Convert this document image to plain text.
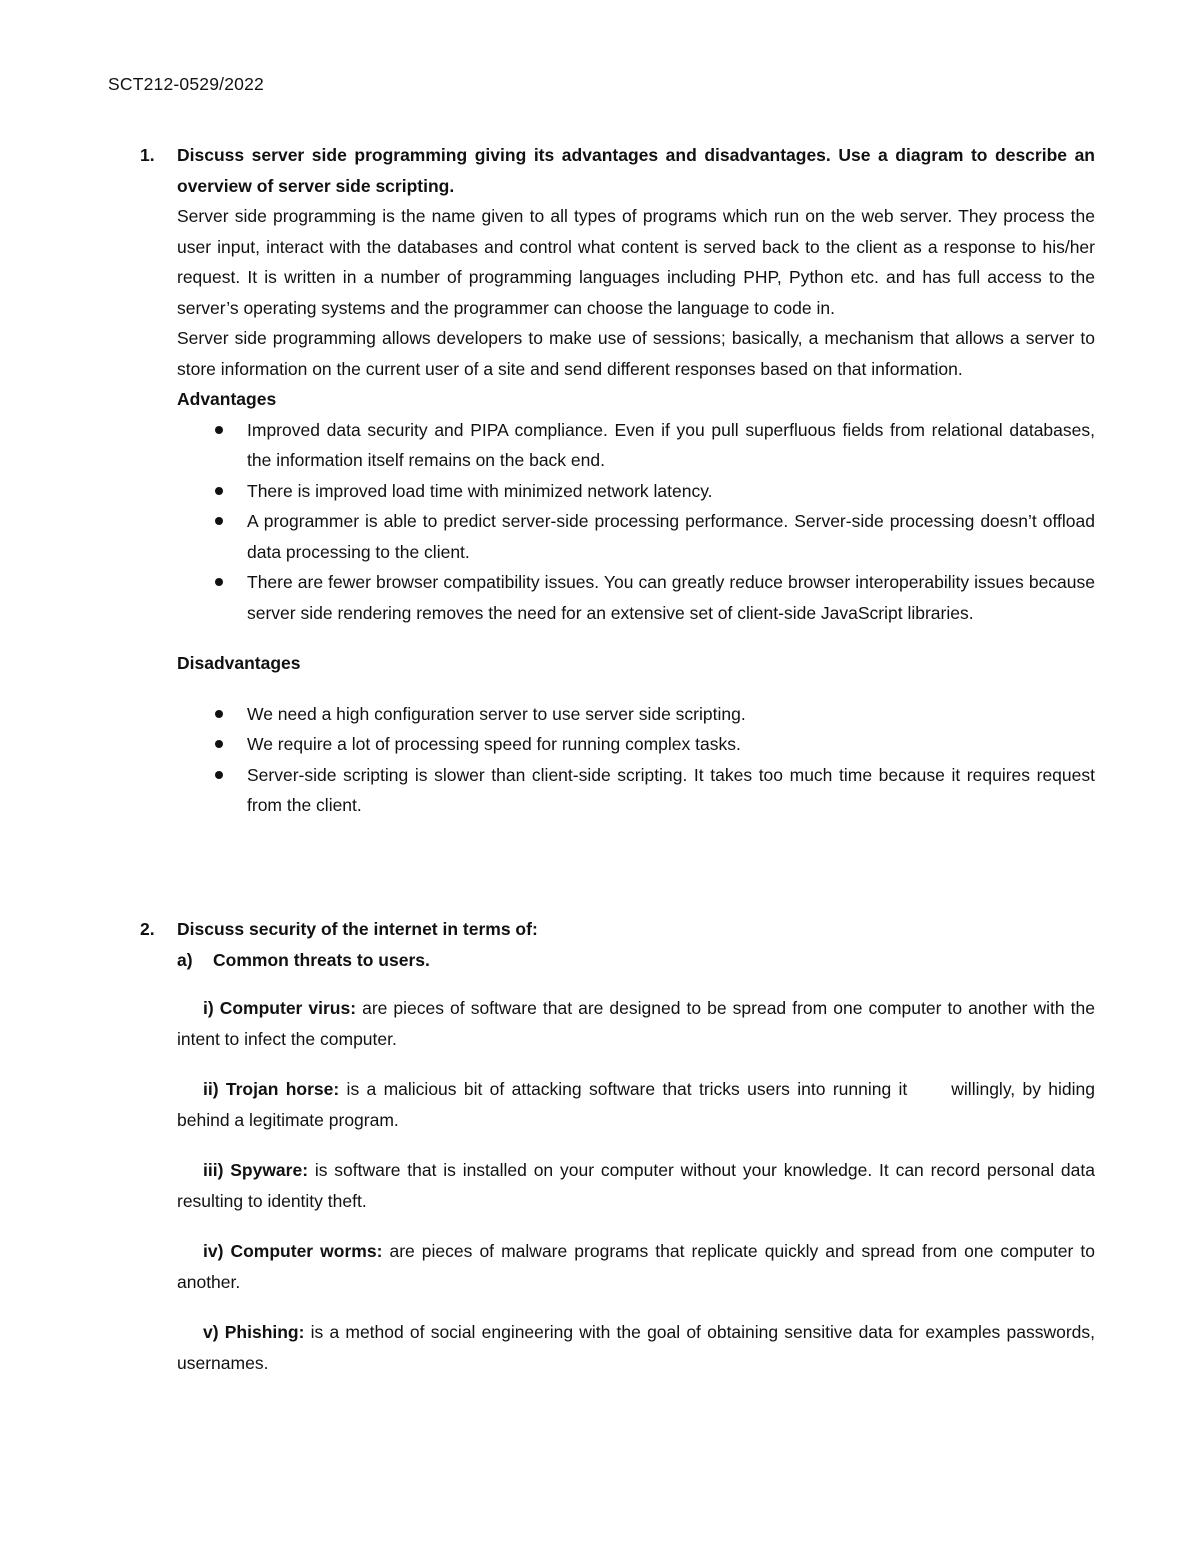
SCT212-0529/2022
1. Discuss server side programming giving its advantages and disadvantages. Use a diagram to describe an overview of server side scripting.

Server side programming is the name given to all types of programs which run on the web server. They process the user input, interact with the databases and control what content is served back to the client as a response to his/her request. It is written in a number of programming languages including PHP, Python etc. and has full access to the server’s operating systems and the programmer can choose the language to code in.

Server side programming allows developers to make use of sessions; basically, a mechanism that allows a server to store information on the current user of a site and send different responses based on that information.

Advantages

Improved data security and PIPA compliance. Even if you pull superfluous fields from relational databases, the information itself remains on the back end.
There is improved load time with minimized network latency.
A programmer is able to predict server-side processing performance. Server-side processing doesn’t offload data processing to the client.
There are fewer browser compatibility issues. You can greatly reduce browser interoperability issues because server side rendering removes the need for an extensive set of client-side JavaScript libraries.

Disadvantages

We need a high configuration server to use server side scripting.
We require a lot of processing speed for running complex tasks.
Server-side scripting is slower than client-side scripting. It takes too much time because it requires request from the client.
2. Discuss security of the internet in terms of:

a) Common threats to users.

i) Computer virus: are pieces of software that are designed to be spread from one computer to another with the intent to infect the computer.

ii) Trojan horse: is a malicious bit of attacking software that tricks users into running it      willingly, by hiding behind a legitimate program.

iii) Spyware: is software that is installed on your computer without your knowledge. It can record personal data resulting to identity theft.

iv) Computer worms: are pieces of malware programs that replicate quickly and spread from one computer to another.

v) Phishing: is a method of social engineering with the goal of obtaining sensitive data for examples passwords, usernames.
